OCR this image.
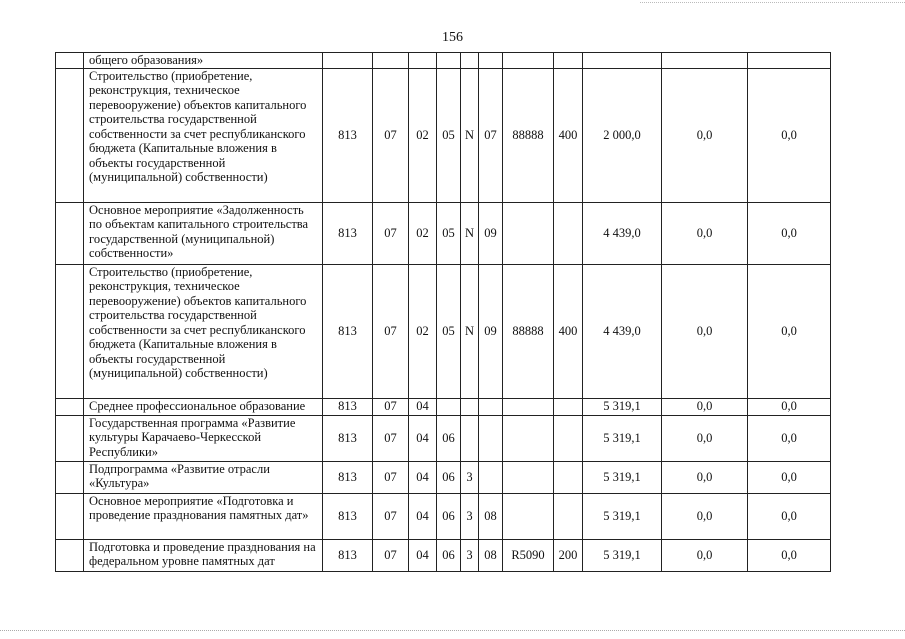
156
	общего образования»											
	Строительство (приобретение, реконструкция, техническое перевооружение) объектов капитального строительства государственной собственности за счет республиканского бюджета (Капитальные вложения в объекты государственной (муниципальной) собственности)	813	07	02	05	N	07	88888	400	2 000,0	0,0	0,0
	Основное мероприятие «Задолженность по объектам капитального строительства государственной (муниципальной) собственности»	813	07	02	05	N	09			4 439,0	0,0	0,0
	Строительство (приобретение, реконструкция, техническое перевооружение) объектов капитального строительства государственной собственности за счет республиканского бюджета (Капитальные вложения в объекты государственной (муниципальной) собственности)	813	07	02	05	N	09	88888	400	4 439,0	0,0	0,0
	Среднее профессиональное образование	813	07	04						5 319,1	0,0	0,0
	Государственная программа «Развитие культуры Карачаево-Черкесской Республики»	813	07	04	06					5 319,1	0,0	0,0
	Подпрограмма «Развитие отрасли «Культура»	813	07	04	06	3				5 319,1	0,0	0,0
	Основное мероприятие «Подготовка и проведение празднования памятных дат»	813	07	04	06	3	08			5 319,1	0,0	0,0
	Подготовка и проведение празднования на федеральном уровне памятных дат	813	07	04	06	3	08	R5090	200	5 319,1	0,0	0,0
